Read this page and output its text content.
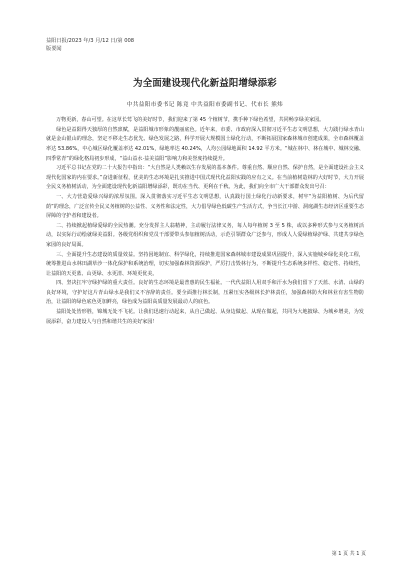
益阳日报/2023 年/3 月/12 日/第 008
版要闻
为全面建设现代化新益阳增绿添彩
中共益阳市委书记 陈竟 中共益阳市委副书记、代市长 熊炜

万物更新，春山可望。在这草长莺飞的美好时节，我们迎来了第 45 个植树节，携手种下绿色希望，共同畅享绿美家园。

绿色是益阳得天独厚的自然禀赋，是益阳城市形象的靓丽底色。近年来，市委、市政府深入贯彻习近平生态文明思想，大力践行绿水青山就是金山银山的理念，坚定不移走生态优先、绿色发展之路，科学开展大规模国土绿化行动，不断拓展国家森林城市创建成果，全市森林覆盖率达 53.86%，中心城区绿化覆盖率达 42.01%，绿地率达 40.24%，人均公园绿地面积 14.92 平方米。“城在林中、林在城中、城林交融、四季常青”的绿化格局初步形成，“益山益水·益美益阳”影响力和美誉度持续提升。

习近平总书记在党的二十大报告中指出：“大自然是人类赖以生存发展的基本条件。尊重自然、顺应自然、保护自然，是全面建设社会主义现代化国家的内在要求。”奋进新征程，优美的生态环境是扎实推进中国式现代化益阳实践的应有之义。在当前植树造林的大好时节，大力开展全民义务植树活动，为全面建设现代化新益阳增绿添彩，既功在当代、更利在千秋。为此，我们向全市广大干部群众发出号召：

一、大力营造爱绿兴绿的浓厚氛围。深入贯彻落实习近平生态文明思想，认真践行国土绿化行动新要求，树牢“为益阳植树、为后代留荫”的理念，广泛宣传全民义务植树的公益性、义务性和法定性，大力倡导绿色低碳生产生活方式，争当长江中游、洞庭湖生态经济区重要生态屏障的守护者和建设者。

二、持续掀起植绿爱绿的全民热潮。充分发挥主人翁精神，主动履行法律义务，每人每年植树 3 至 5 株，或以多种形式参与义务植树活动，以实际行动绘就绿美益阳。各级党组织和党员干部要带头参加植树活动，示范引领群众广泛参与，形成人人爱绿植绿护绿、共建共享绿色家园的良好局面。

三、全面提升生态建设的质量效益。坚持因地制宜、科学绿化，持续推进国家森林城市建设成果巩固提升，深入实施城乡绿化美化工程，统筹推进山水林田湖草沙一体化保护和系统治理，切实加强森林资源保护，严厉打击毁林行为，不断提升生态系统多样性、稳定性、持续性，让益阳的天更蓝、山更绿、水更清、环境更优美。

四、坚决扛牢守绿护绿的重大责任。良好的生态环境是最普惠的民生福祉。一代代益阳人用双手和汗水为我们留下了天蓝、水清、山绿的良好环境，守护好这片青山绿水是我们义不容辞的责任。要全面推行林长制，压紧压实各级林长护林责任，加强森林防火和林业有害生物防治，让益阳的绿色底色更加鲜亮，绿色成为益阳高质量发展最动人的底色。

益阳处处皆形胜，锦城无处不飞花。让我们迅速行动起来，从自己做起、从身边做起、从现在做起，共同为大地披绿、为城乡增美，为发展添彩，奋力建设人与自然和谐共生的美好家园！

第 1 页 共 1 页
